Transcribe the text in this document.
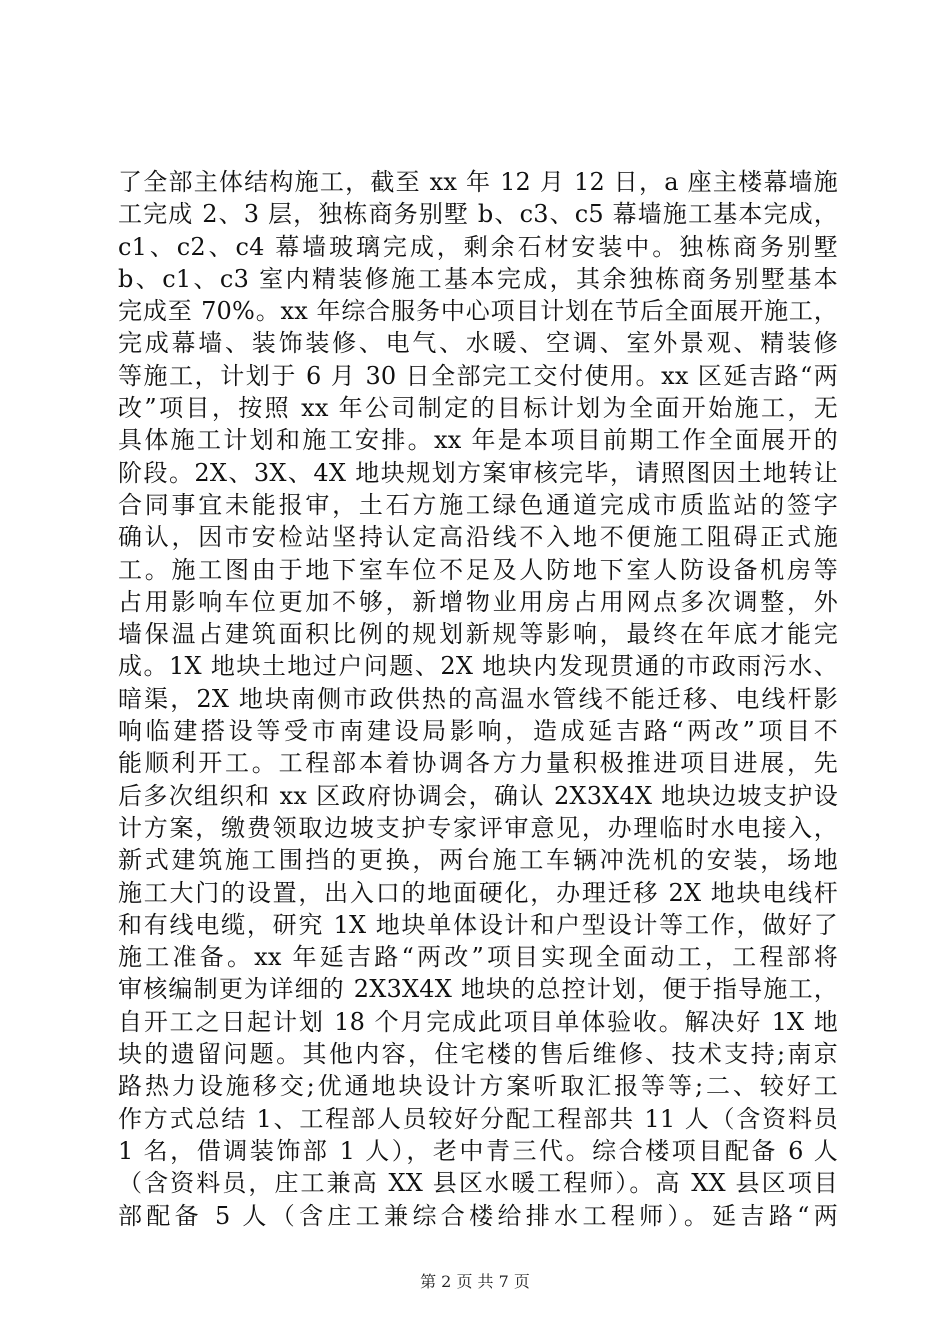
了全部主体结构施工，截至 xx 年 12 月 12 日，a 座主楼幕墙施
工完成 2、3 层，独栋商务别墅 b、c3、c5 幕墙施工基本完成，
c1、c2、c4 幕墙玻璃完成，剩余石材安装中。独栋商务别墅
b、c1、c3 室内精装修施工基本完成，其余独栋商务别墅基本
完成至 70%。xx 年综合服务中心项目计划在节后全面展开施工，
完成幕墙、装饰装修、电气、水暖、空调、室外景观、精装修
等施工，计划于 6 月 30 日全部完工交付使用。xx 区延吉路“两
改”项目，按照 xx 年公司制定的目标计划为全面开始施工，无
具体施工计划和施工安排。xx 年是本项目前期工作全面展开的
阶段。2X、3X、4X 地块规划方案审核完毕，请照图因土地转让
合同事宜未能报审，土石方施工绿色通道完成市质监站的签字
确认，因市安检站坚持认定高沿线不入地不便施工阻碍正式施
工。施工图由于地下室车位不足及人防地下室人防设备机房等
占用影响车位更加不够，新增物业用房占用网点多次调整，外
墙保温占建筑面积比例的规划新规等影响，最终在年底才能完
成。1X 地块土地过户问题、2X 地块内发现贯通的市政雨污水、
暗渠，2X 地块南侧市政供热的高温水管线不能迁移、电线杆影
响临建搭设等受市南建设局影响，造成延吉路“两改”项目不
能顺利开工。工程部本着协调各方力量积极推进项目进展，先
后多次组织和 xx 区政府协调会，确认 2X3X4X 地块边坡支护设
计方案，缴费领取边坡支护专家评审意见，办理临时水电接入，
新式建筑施工围挡的更换，两台施工车辆冲洗机的安装，场地
施工大门的设置，出入口的地面硬化，办理迁移 2X 地块电线杆
和有线电缆，研究 1X 地块单体设计和户型设计等工作，做好了
施工准备。xx 年延吉路“两改”项目实现全面动工，工程部将
审核编制更为详细的 2X3X4X 地块的总控计划，便于指导施工，
自开工之日起计划 18 个月完成此项目单体验收。解决好 1X 地
块的遗留问题。其他内容，住宅楼的售后维修、技术支持;南京
路热力设施移交;优通地块设计方案听取汇报等等;二、较好工
作方式总结 1、工程部人员较好分配工程部共 11 人（含资料员
1 名，借调装饰部 1 人），老中青三代。综合楼项目配备 6 人
（含资料员，庄工兼高 XX 县区水暖工程师）。高 XX 县区项目
部配备 5 人（含庄工兼综合楼给排水工程师）。延吉路“两
第 2 页 共 7 页
